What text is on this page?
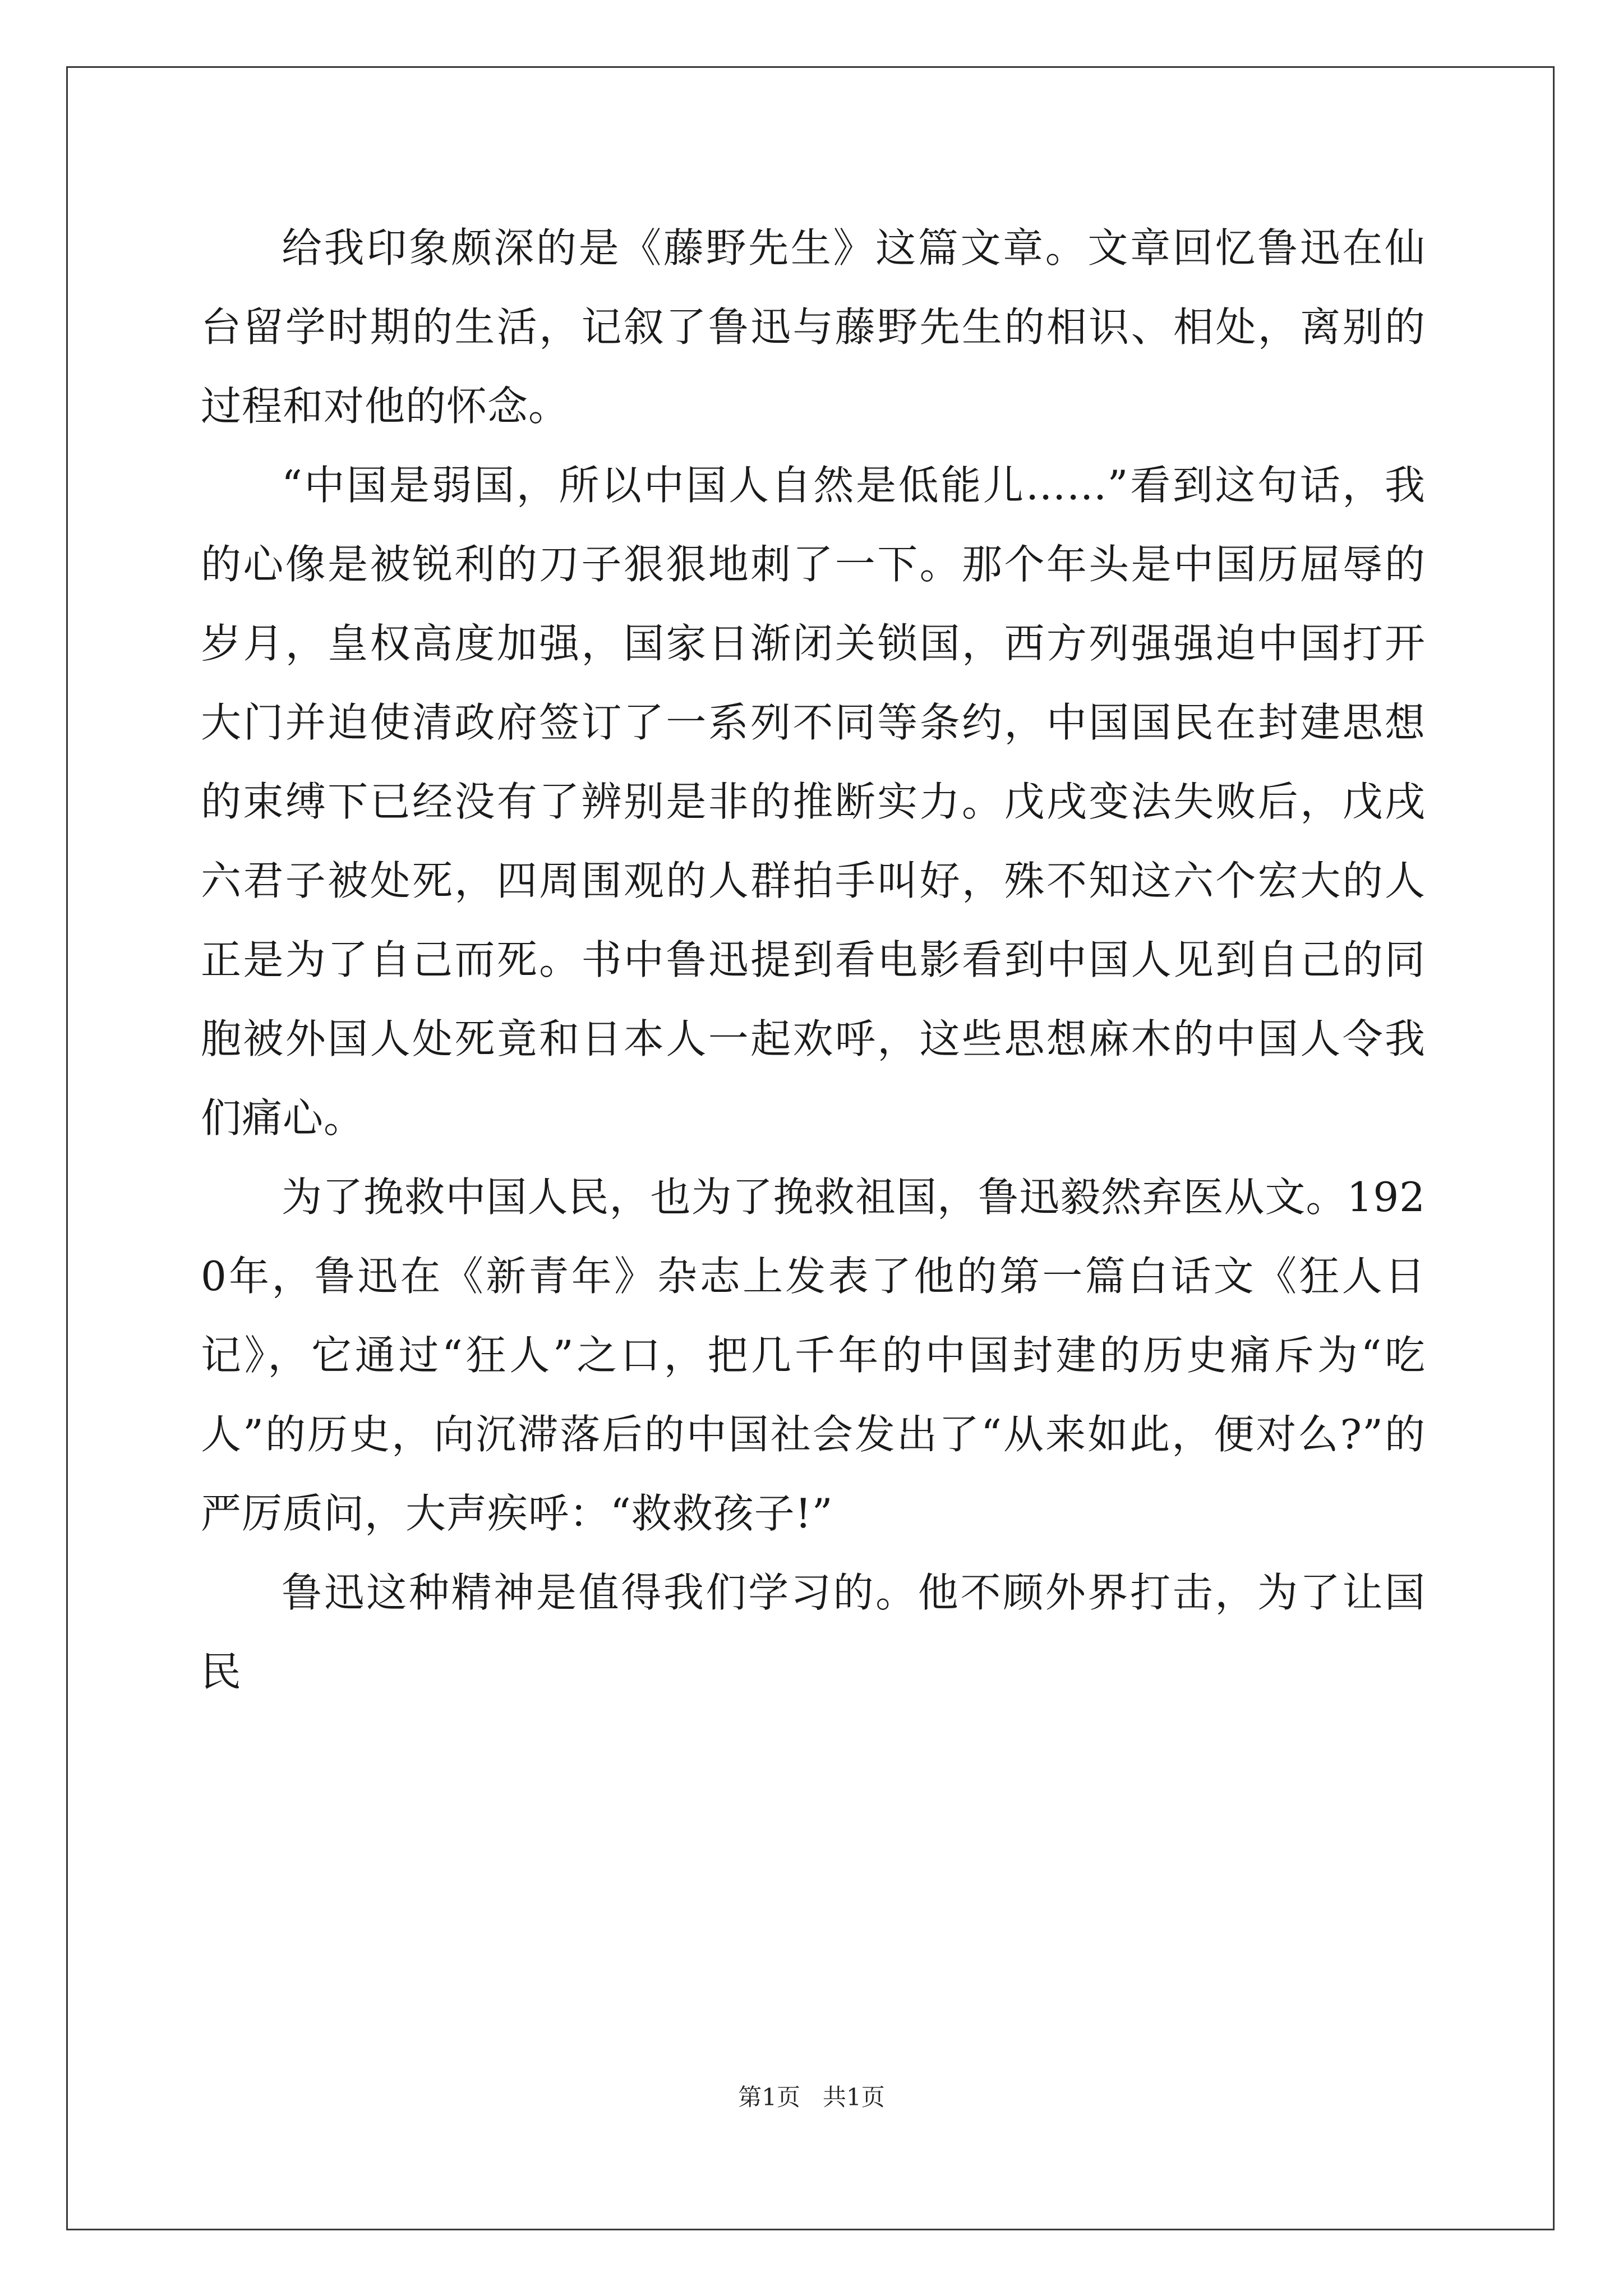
给我印象颇深的是《藤野先生》这篇文章。文章回忆鲁迅在仙台留学时期的生活，记叙了鲁迅与藤野先生的相识、相处，离别的过程和对他的怀念。

“中国是弱国，所以中国人自然是低能儿……”看到这句话，我的心像是被锐利的刀子狠狠地刺了一下。那个年头是中国历屈辱的岁月，皇权高度加强，国家日渐闭关锁国，西方列强强迫中国打开大门并迫使清政府签订了一系列不同等条约，中国国民在封建思想的束缚下已经没有了辨别是非的推断实力。戊戌变法失败后，戊戌六君子被处死，四周围观的人群拍手叫好，殊不知这六个宏大的人正是为了自己而死。书中鲁迅提到看电影看到中国人见到自己的同胞被外国人处死竟和日本人一起欢呼，这些思想麻木的中国人令我们痛心。

为了挽救中国人民，也为了挽救祖国，鲁迅毅然弃医从文。1920年，鲁迅在《新青年》杂志上发表了他的第一篇白话文《狂人日记》，它通过“狂人”之口，把几千年的中国封建的历史痛斥为“吃人”的历史，向沉滞落后的中国社会发出了“从来如此，便对么?”的严厉质问，大声疾呼：“救救孩子!”

鲁迅这种精神是值得我们学习的。他不顾外界打击，为了让国民

第1页 共1页
